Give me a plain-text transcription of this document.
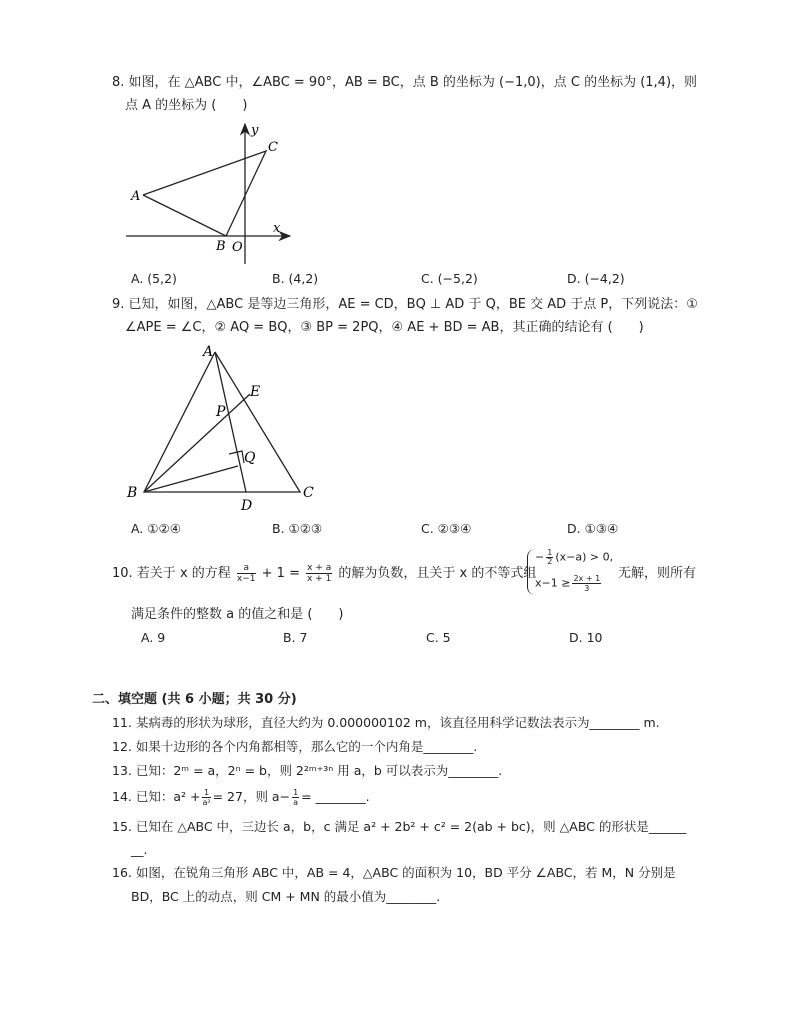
8. 如图，在 △ABC 中，∠ABC = 90°，AB = BC，点 B 的坐标为 (−1,0)，点 C 的坐标为 (1,4)，则
点 A 的坐标为 (　　)
y
x
A
B O
C
A. (5,2)	B. (4,2)	C. (−5,2)	D. (−4,2)
9. 已知，如图，△ABC 是等边三角形，AE = CD，BQ ⊥ AD 于 Q，BE 交 AD 于点 P，下列说法：①
∠APE = ∠C，② AQ = BQ，③ BP = 2PQ，④ AE + BD = AB，其正确的结论有 (　　)
A
B	C
D
E
P
Q
A. ①②④	B. ①②③	C. ②③④	D. ①③④
10. 若关于 x 的方程 $\frac{a}{x-1} + 1 = \frac{x + a}{x + 1}$ 的解为负数，且关于 x 的不等式组
− $\frac{1}{2} (x-a) > 0$,
$x-1 \ge \frac{2x + 1}{3}$
无解，则所有
满足条件的整数 a 的值之和是 (　　)
A. 9	B. 7	C. 5	D. 10
二、填空题 (共 6 小题；共 30 分)
11. 某病毒的形状为球形，直径大约为 0.000000102 m，该直径用科学记数法表示为________ m.
12. 如果十边形的各个内角都相等，那么它的一个内角是________.
13. 已知：2ᵐ = a，2ⁿ = b，则 2²ᵐ⁺³ⁿ 用 a，b 可以表示为________.
14. 已知：$a^2 + \frac{1}{\text{a²}} = 27$，则 $a- \frac{1}{a}$ = ________.
15. 已知在 △ABC 中，三边长 a，b，c 满足 a² + 2b² + c² = 2(ab + bc)，则 △ABC 的形状是______
__.
16. 如图，在锐角三角形 ABC 中，AB = 4，△ABC 的面积为 10，BD 平分 ∠ABC，若 M，N 分别是
BD，BC 上的动点，则 CM + MN 的最小值为________.
